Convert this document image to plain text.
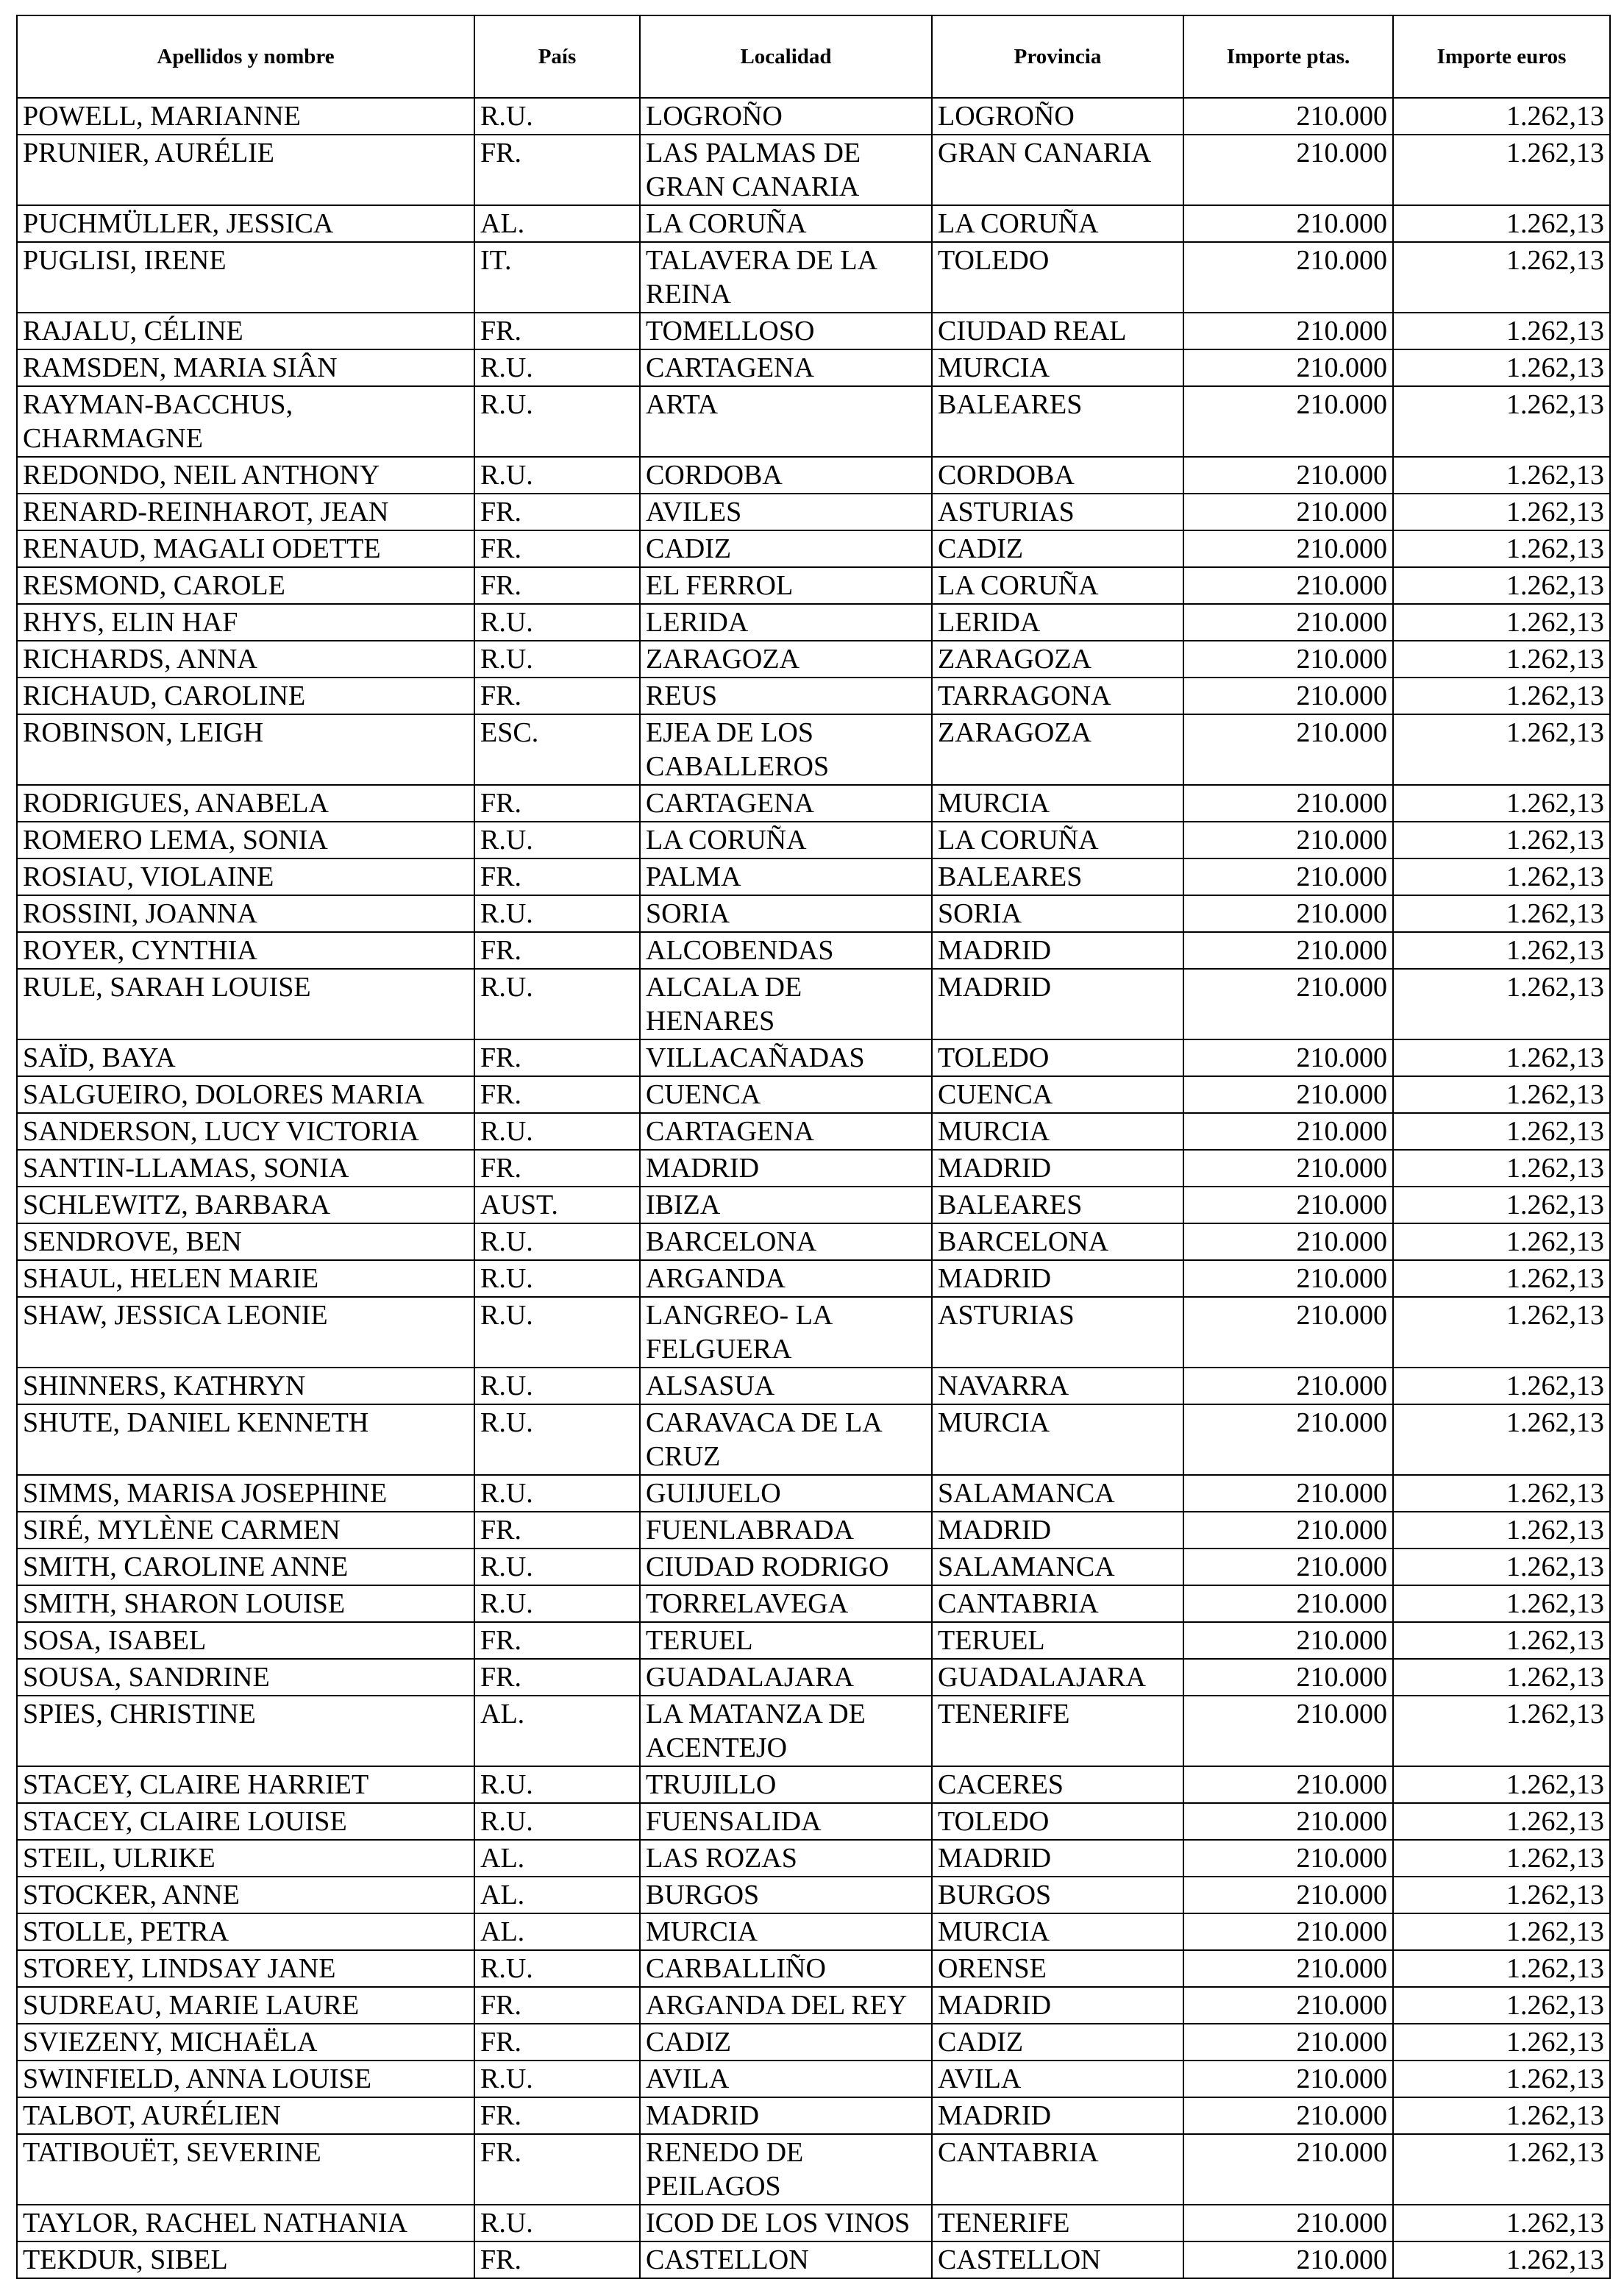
Apellidos y nombre	País	Localidad	Provincia	Importe ptas.	Importe euros
POWELL, MARIANNE	R.U.	LOGROÑO	LOGROÑO	210.000	1.262,13
PRUNIER, AURÉLIE	FR.	LAS PALMAS DE GRAN CANARIA	GRAN CANARIA	210.000	1.262,13
PUCHMÜLLER, JESSICA	AL.	LA CORUÑA	LA CORUÑA	210.000	1.262,13
PUGLISI, IRENE	IT.	TALAVERA DE LA REINA	TOLEDO	210.000	1.262,13
RAJALU, CÉLINE	FR.	TOMELLOSO	CIUDAD REAL	210.000	1.262,13
RAMSDEN, MARIA SIÂN	R.U.	CARTAGENA	MURCIA	210.000	1.262,13
RAYMAN-BACCHUS, CHARMAGNE	R.U.	ARTA	BALEARES	210.000	1.262,13
REDONDO, NEIL ANTHONY	R.U.	CORDOBA	CORDOBA	210.000	1.262,13
RENARD-REINHAROT, JEAN	FR.	AVILES	ASTURIAS	210.000	1.262,13
RENAUD, MAGALI ODETTE	FR.	CADIZ	CADIZ	210.000	1.262,13
RESMOND, CAROLE	FR.	EL FERROL	LA CORUÑA	210.000	1.262,13
RHYS, ELIN HAF	R.U.	LERIDA	LERIDA	210.000	1.262,13
RICHARDS, ANNA	R.U.	ZARAGOZA	ZARAGOZA	210.000	1.262,13
RICHAUD, CAROLINE	FR.	REUS	TARRAGONA	210.000	1.262,13
ROBINSON, LEIGH	ESC.	EJEA DE LOS CABALLEROS	ZARAGOZA	210.000	1.262,13
RODRIGUES, ANABELA	FR.	CARTAGENA	MURCIA	210.000	1.262,13
ROMERO LEMA, SONIA	R.U.	LA CORUÑA	LA CORUÑA	210.000	1.262,13
ROSIAU, VIOLAINE	FR.	PALMA	BALEARES	210.000	1.262,13
ROSSINI, JOANNA	R.U.	SORIA	SORIA	210.000	1.262,13
ROYER, CYNTHIA	FR.	ALCOBENDAS	MADRID	210.000	1.262,13
RULE, SARAH LOUISE	R.U.	ALCALA DE HENARES	MADRID	210.000	1.262,13
SAÏD, BAYA	FR.	VILLACAÑADAS	TOLEDO	210.000	1.262,13
SALGUEIRO, DOLORES MARIA	FR.	CUENCA	CUENCA	210.000	1.262,13
SANDERSON, LUCY VICTORIA	R.U.	CARTAGENA	MURCIA	210.000	1.262,13
SANTIN-LLAMAS, SONIA	FR.	MADRID	MADRID	210.000	1.262,13
SCHLEWITZ, BARBARA	AUST.	IBIZA	BALEARES	210.000	1.262,13
SENDROVE, BEN	R.U.	BARCELONA	BARCELONA	210.000	1.262,13
SHAUL, HELEN MARIE	R.U.	ARGANDA	MADRID	210.000	1.262,13
SHAW, JESSICA LEONIE	R.U.	LANGREO- LA FELGUERA	ASTURIAS	210.000	1.262,13
SHINNERS, KATHRYN	R.U.	ALSASUA	NAVARRA	210.000	1.262,13
SHUTE, DANIEL KENNETH	R.U.	CARAVACA DE LA CRUZ	MURCIA	210.000	1.262,13
SIMMS, MARISA JOSEPHINE	R.U.	GUIJUELO	SALAMANCA	210.000	1.262,13
SIRÉ, MYLÈNE CARMEN	FR.	FUENLABRADA	MADRID	210.000	1.262,13
SMITH, CAROLINE ANNE	R.U.	CIUDAD RODRIGO	SALAMANCA	210.000	1.262,13
SMITH, SHARON LOUISE	R.U.	TORRELAVEGA	CANTABRIA	210.000	1.262,13
SOSA, ISABEL	FR.	TERUEL	TERUEL	210.000	1.262,13
SOUSA, SANDRINE	FR.	GUADALAJARA	GUADALAJARA	210.000	1.262,13
SPIES, CHRISTINE	AL.	LA MATANZA DE ACENTEJO	TENERIFE	210.000	1.262,13
STACEY, CLAIRE HARRIET	R.U.	TRUJILLO	CACERES	210.000	1.262,13
STACEY, CLAIRE LOUISE	R.U.	FUENSALIDA	TOLEDO	210.000	1.262,13
STEIL, ULRIKE	AL.	LAS ROZAS	MADRID	210.000	1.262,13
STOCKER, ANNE	AL.	BURGOS	BURGOS	210.000	1.262,13
STOLLE, PETRA	AL.	MURCIA	MURCIA	210.000	1.262,13
STOREY, LINDSAY JANE	R.U.	CARBALLIÑO	ORENSE	210.000	1.262,13
SUDREAU, MARIE LAURE	FR.	ARGANDA DEL REY	MADRID	210.000	1.262,13
SVIEZENY, MICHAËLA	FR.	CADIZ	CADIZ	210.000	1.262,13
SWINFIELD, ANNA LOUISE	R.U.	AVILA	AVILA	210.000	1.262,13
TALBOT, AURÉLIEN	FR.	MADRID	MADRID	210.000	1.262,13
TATIBOUËT, SEVERINE	FR.	RENEDO DE PEILAGOS	CANTABRIA	210.000	1.262,13
TAYLOR, RACHEL NATHANIA	R.U.	ICOD DE LOS VINOS	TENERIFE	210.000	1.262,13
TEKDUR, SIBEL	FR.	CASTELLON	CASTELLON	210.000	1.262,13
